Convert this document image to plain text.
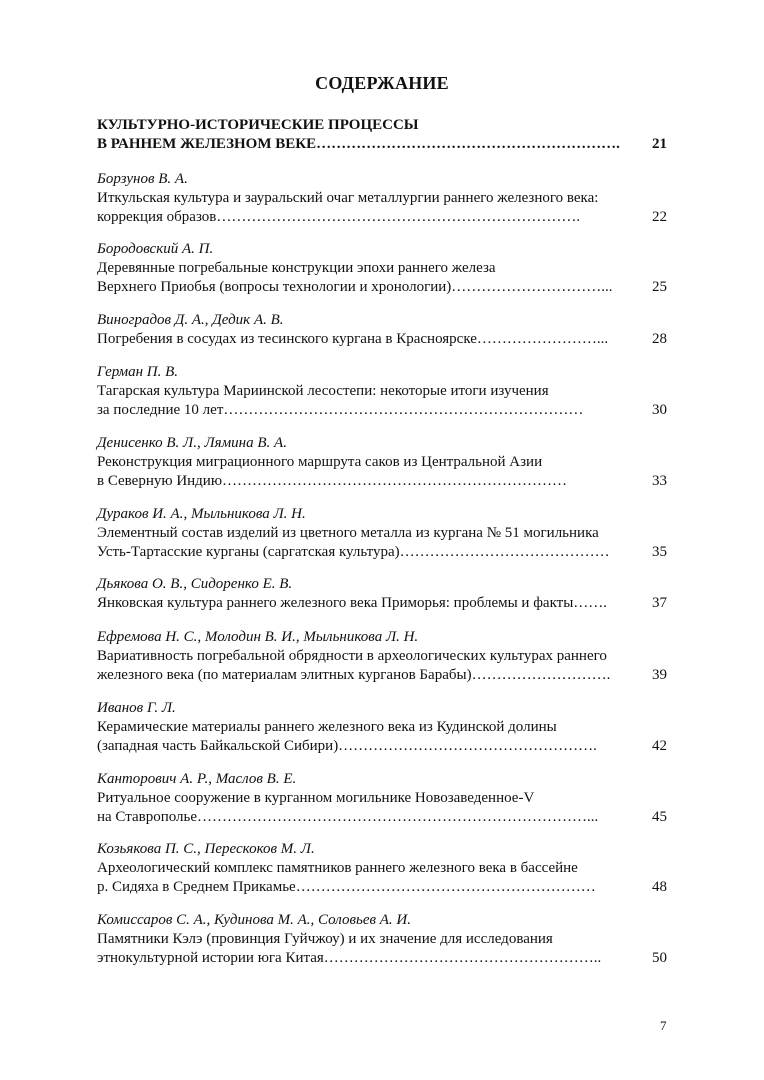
СОДЕРЖАНИЕ
КУЛЬТУРНО-ИСТОРИЧЕСКИЕ ПРОЦЕССЫ
В РАННЕМ ЖЕЛЕЗНОМ ВЕКЕ…………………………………………………….	21
Борзунов В. А.
Иткульская культура и зауральский очаг металлургии раннего железного века:
коррекция образов……………………………………………………………….	22
Бородовский А. П.
Деревянные погребальные конструкции эпохи раннего железа
Верхнего Приобья (вопросы технологии и хронологии)…………………………...	25
Виноградов Д. А., Дедик А. В.
Погребения в сосудах из тесинского кургана в Красноярске……………………...	28
Герман П. В.
Тагарская культура Мариинской лесостепи: некоторые итоги изучения
за последние 10 лет………………………………………………………………	30
Денисенко В. Л., Лямина В. А.
Реконструкция миграционного маршрута саков из Центральной Азии
в Северную Индию……………………………………………………………	33
Дураков И. А., Мыльникова Л. Н.
Элементный состав изделий из цветного металла из кургана № 51 могильника
Усть-Тартасские курганы (саргатская культура)……………………………………	35
Дьякова О. В., Сидоренко Е. В.
Янковская культура раннего железного века Приморья: проблемы и факты…….	37
Ефремова Н. С., Молодин В. И., Мыльникова Л. Н.
Вариативность погребальной обрядности в археологических культурах раннего
железного века (по материалам элитных курганов Барабы)……………………….	39
Иванов Г. Л.
Керамические материалы раннего железного века из Кудинской долины
(западная часть Байкальской Сибири)…………………………………………….	42
Канторович А. Р., Маслов В. Е.
Ритуальное сооружение в курганном могильнике Новозаведенное-V
на Ставрополье……………………………………………………………………...	45
Козьякова П. С., Перескоков М. Л.
Археологический комплекс памятников раннего железного века в бассейне
р. Сидяха в Среднем Прикамье……………………………………………………	48
Комиссаров С. А., Кудинова М. А., Соловьев А. И.
Памятники Кэлэ (провинция Гуйчжоу) и их значение для исследования
этнокультурной истории юга Китая………………………………………………..	50
7
